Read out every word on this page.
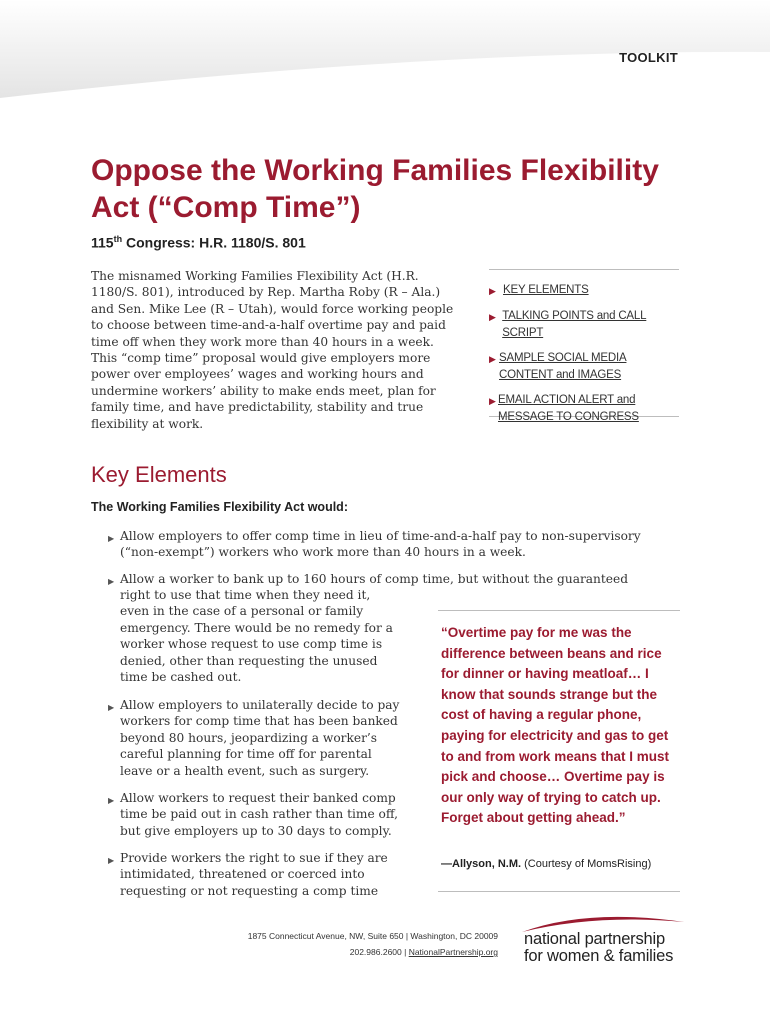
TOOLKIT
Oppose the Working Families Flexibility Act (“Comp Time”)
115th Congress: H.R. 1180/S. 801

The misnamed Working Families Flexibility Act (H.R. 1180/S. 801), introduced by Rep. Martha Roby (R – Ala.) and Sen. Mike Lee (R – Utah), would force working people to choose between time-and-a-half overtime pay and paid time off when they work more than 40 hours in a week. This “comp time” proposal would give employers more power over employees’ wages and working hours and undermine workers’ ability to make ends meet, plan for family time, and have predictability, stability and true flexibility at work.

▶ KEY ELEMENTS
▶ TALKING POINTS and CALL SCRIPT
▶ SAMPLE SOCIAL MEDIA CONTENT and IMAGES
▶ EMAIL ACTION ALERT and MESSAGE TO CONGRESS
Key Elements
The Working Families Flexibility Act would:
▶ Allow employers to offer comp time in lieu of time-and-a-half pay to non-supervisory (“non-exempt”) workers who work more than 40 hours in a week.
▶ Allow a worker to bank up to 160 hours of comp time, but without the guaranteed
right to use that time when they need it, even in the case of a personal or family emergency. There would be no remedy for a worker whose request to use comp time is denied, other than requesting the unused time be cashed out.
▶ Allow employers to unilaterally decide to pay workers for comp time that has been banked beyond 80 hours, jeopardizing a worker’s careful planning for time off for parental leave or a health event, such as surgery.
▶ Allow workers to request their banked comp time be paid out in cash rather than time off, but give employers up to 30 days to comply.
▶ Provide workers the right to sue if they are intimidated, threatened or coerced into requesting or not requesting a comp time

“Overtime pay for me was the difference between beans and rice for dinner or having meatloaf… I know that sounds strange but the cost of having a regular phone, paying for electricity and gas to get to and from work means that I must pick and choose… Overtime pay is our only way of trying to catch up. Forget about getting ahead.”

—Allyson, N.M. (Courtesy of MomsRising)
1875 Connecticut Avenue, NW, Suite 650 | Washington, DC 20009
202.986.2600 | NationalPartnership.org
national partnership
for women & families
